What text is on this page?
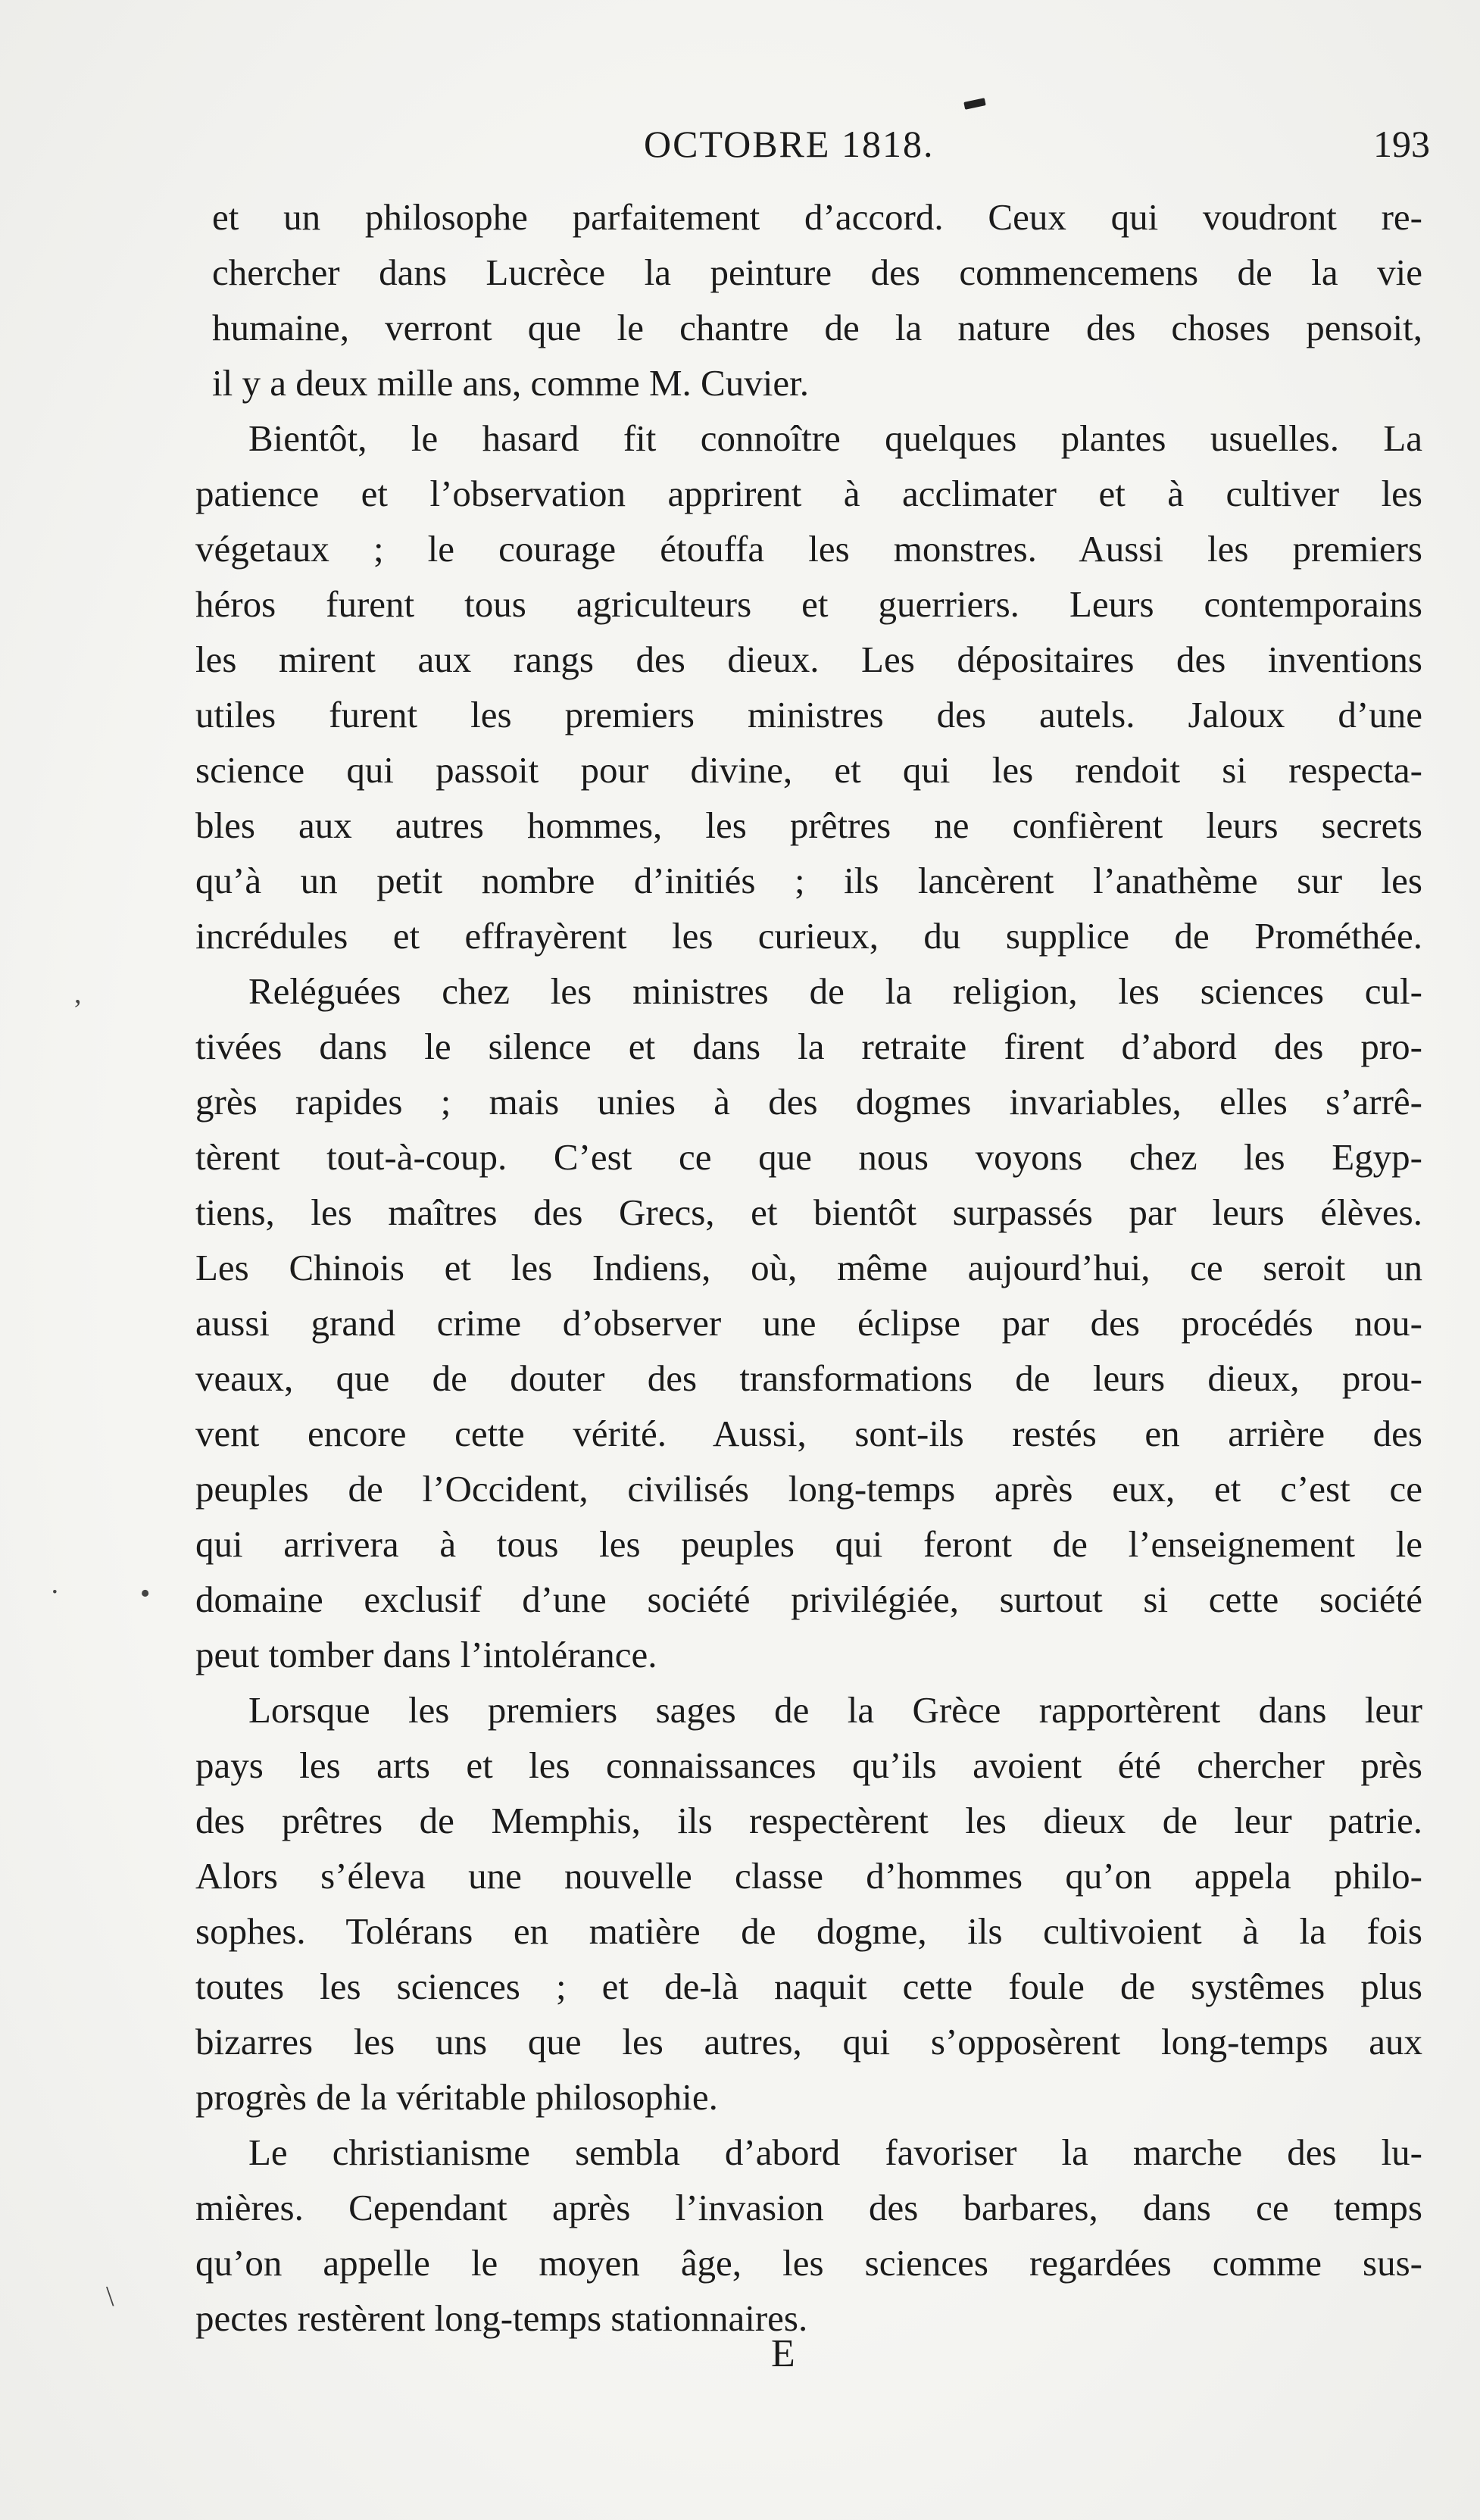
OCTOBRE 1818.	193
et un philosophe parfaitement d’accord. Ceux qui voudront re-
chercher dans Lucrèce la peinture des commencemens de la vie
humaine, verront que le chantre de la nature des choses pensoit,
il y a deux mille ans, comme M. Cuvier.
Bientôt, le hasard fit connoître quelques plantes usuelles. La
patience et l’observation apprirent à acclimater et à cultiver les
végetaux ; le courage étouffa les monstres. Aussi les premiers
héros furent tous agriculteurs et guerriers. Leurs contemporains
les mirent aux rangs des dieux. Les dépositaires des inventions
utiles furent les premiers ministres des autels. Jaloux d’une
science qui passoit pour divine, et qui les rendoit si respecta-
bles aux autres hommes, les prêtres ne confièrent leurs secrets
qu’à un petit nombre d’initiés ; ils lancèrent l’anathème sur les
incrédules et effrayèrent les curieux, du supplice de Prométhée.
Reléguées chez les ministres de la religion, les sciences cul-
tivées dans le silence et dans la retraite firent d’abord des pro-
grès rapides ; mais unies à des dogmes invariables, elles s’arrê-
tèrent tout-à-coup. C’est ce que nous voyons chez les Egyp-
tiens, les maîtres des Grecs, et bientôt surpassés par leurs élèves.
Les Chinois et les Indiens, où, même aujourd’hui, ce seroit un
aussi grand crime d’observer une éclipse par des procédés nou-
veaux, que de douter des transformations de leurs dieux, prou-
vent encore cette vérité. Aussi, sont-ils restés en arrière des
peuples de l’Occident, civilisés long-temps après eux, et c’est ce
qui arrivera à tous les peuples qui feront de l’enseignement le
domaine exclusif d’une société privilégiée, surtout si cette société
peut tomber dans l’intolérance.
Lorsque les premiers sages de la Grèce rapportèrent dans leur
pays les arts et les connaissances qu’ils avoient été chercher près
des prêtres de Memphis, ils respectèrent les dieux de leur patrie.
Alors s’éleva une nouvelle classe d’hommes qu’on appela philo-
sophes. Tolérans en matière de dogme, ils cultivoient à la fois
toutes les sciences ; et de-là naquit cette foule de systêmes plus
bizarres les uns que les autres, qui s’opposèrent long-temps aux
progrès de la véritable philosophie.
Le christianisme sembla d’abord favoriser la marche des lu-
mières. Cependant après l’invasion des barbares, dans ce temps
qu’on appelle le moyen âge, les sciences regardées comme sus-
pectes restèrent long-temps stationnaires.
E
,
·	•
\
